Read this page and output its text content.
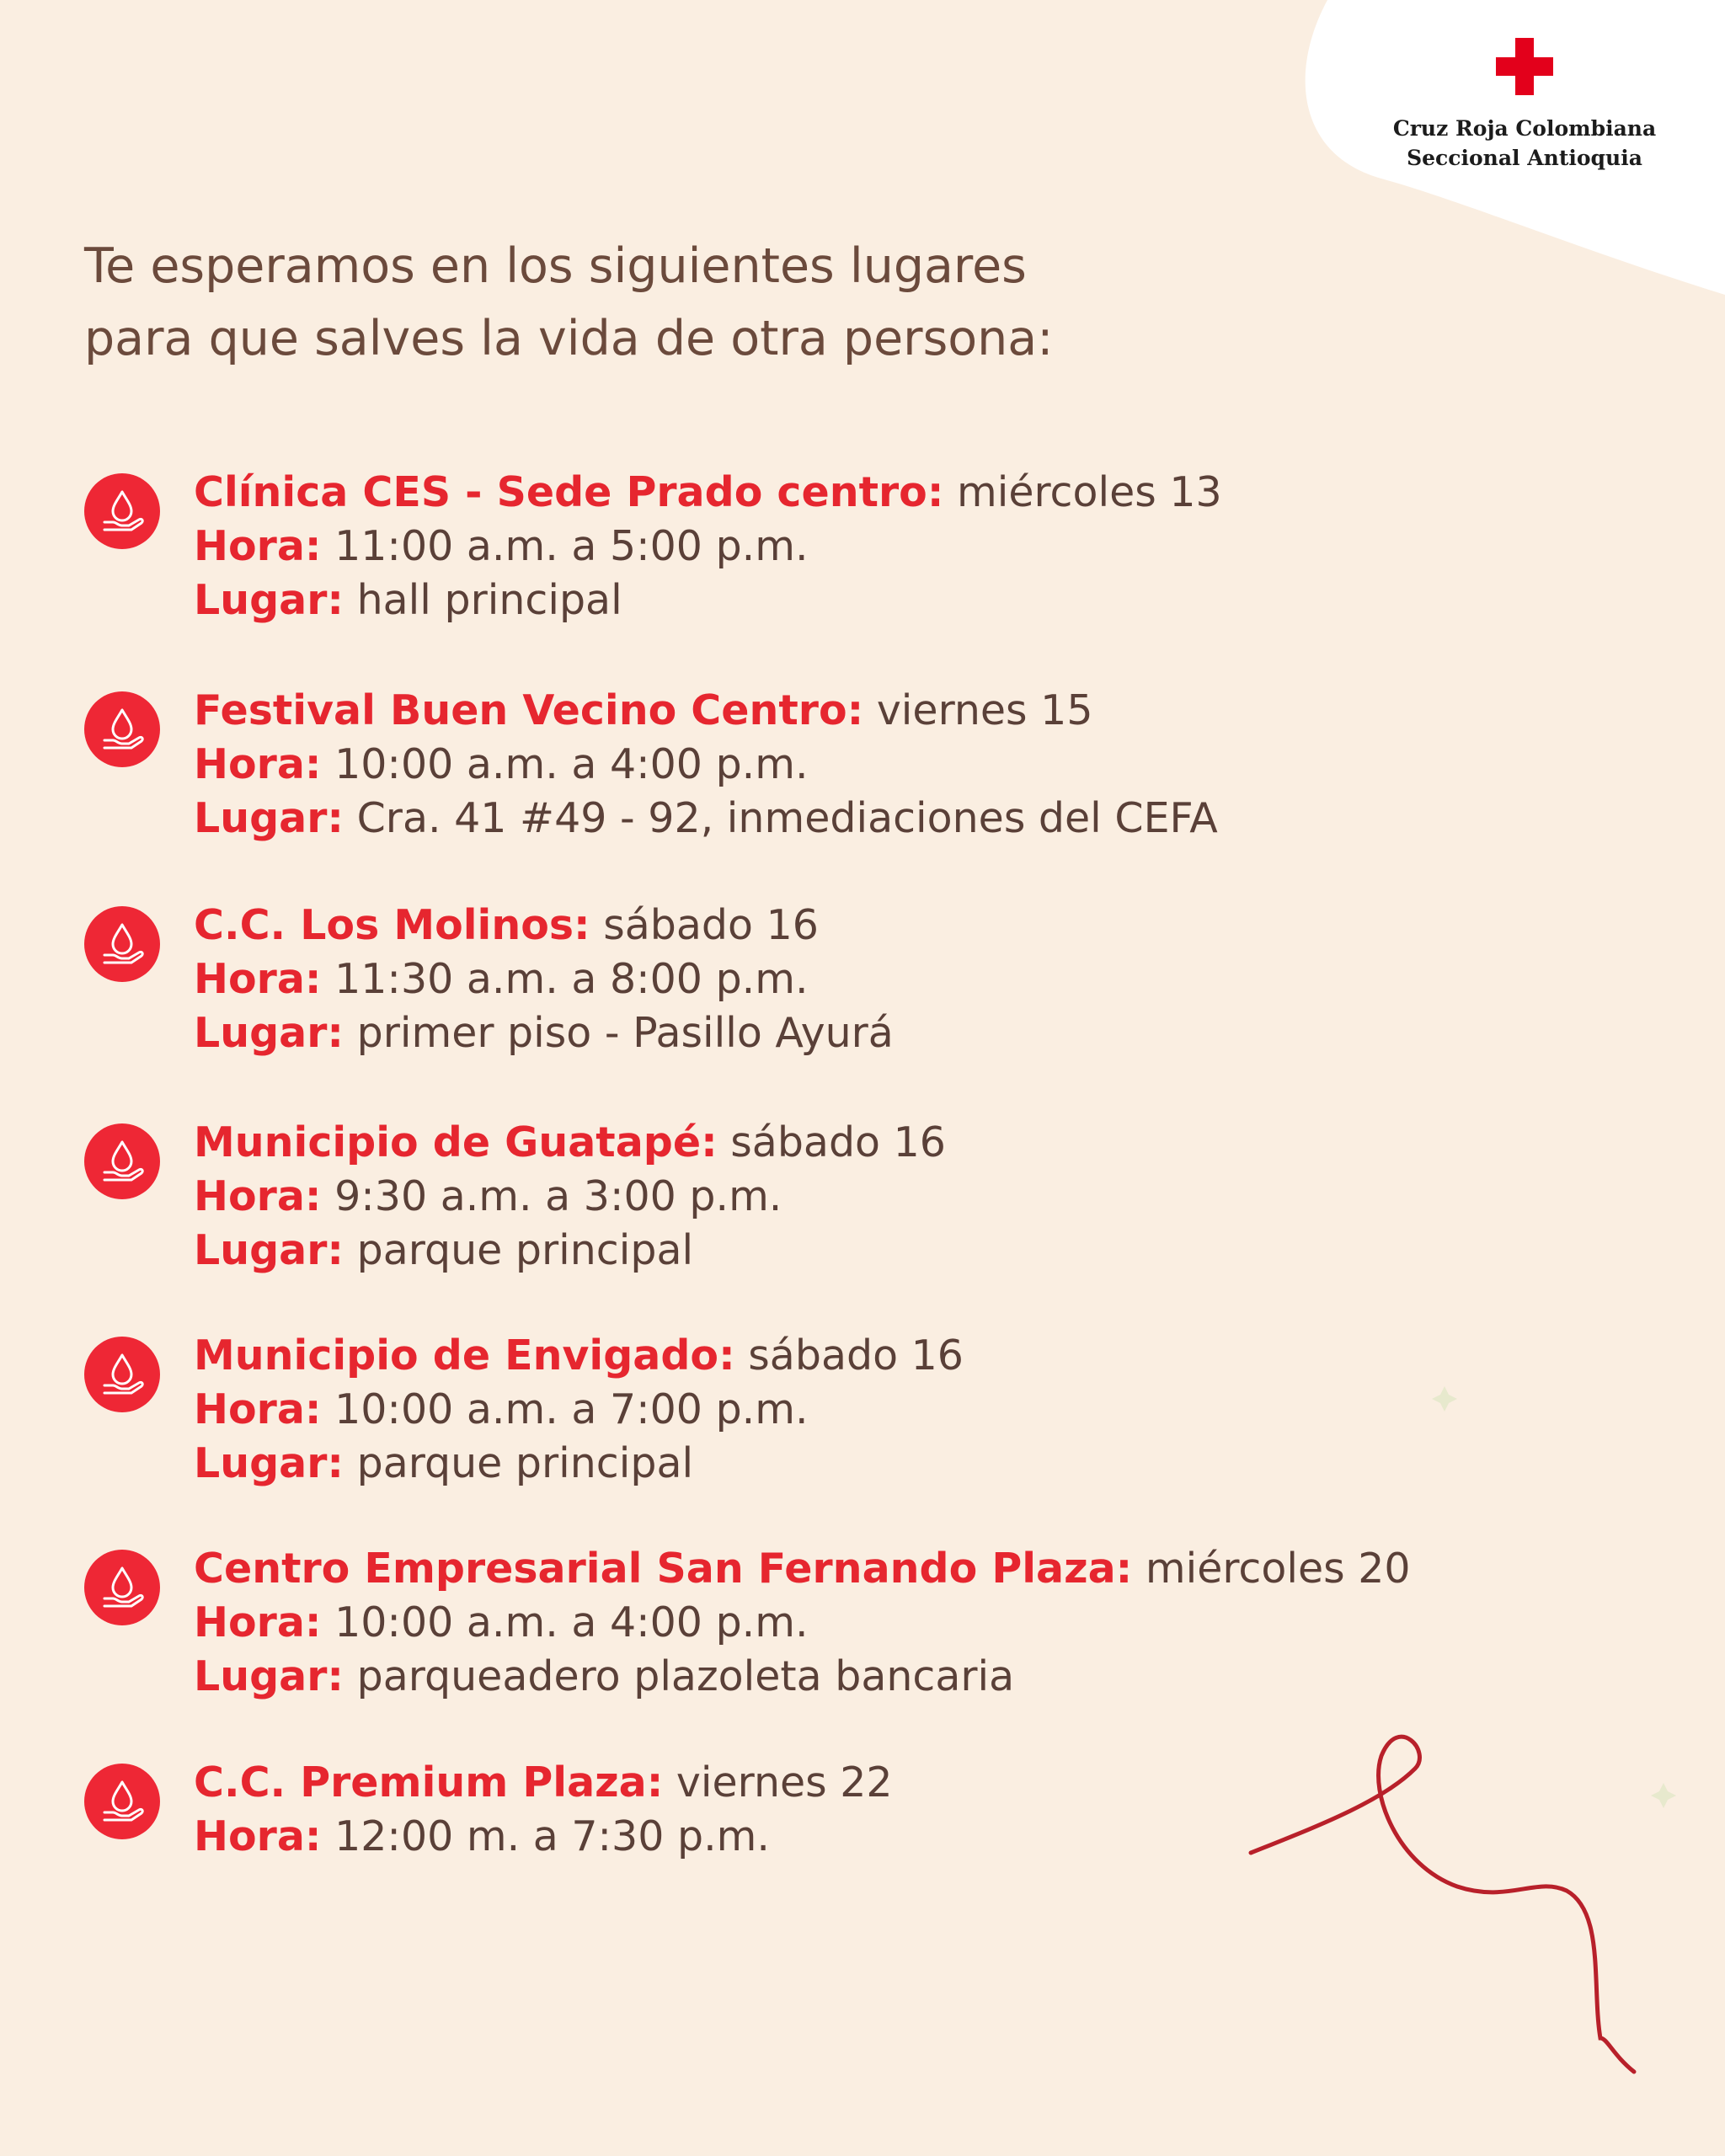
Cruz Roja Colombiana
Seccional Antioquia
Te esperamos en los siguientes lugares
para que salves la vida de otra persona:
Clínica CES - Sede Prado centro: miércoles 13
Hora: 11:00 a.m. a 5:00 p.m.
Lugar: hall principal
Festival Buen Vecino Centro: viernes 15
Hora: 10:00 a.m. a 4:00 p.m.
Lugar: Cra. 41 #49 - 92, inmediaciones del CEFA
C.C. Los Molinos: sábado 16
Hora: 11:30 a.m. a 8:00 p.m.
Lugar: primer piso - Pasillo Ayurá
Municipio de Guatapé: sábado 16
Hora: 9:30 a.m. a 3:00 p.m.
Lugar: parque principal
Municipio de Envigado: sábado 16
Hora: 10:00 a.m. a 7:00 p.m.
Lugar: parque principal
Centro Empresarial San Fernando Plaza: miércoles 20
Hora: 10:00 a.m. a 4:00 p.m.
Lugar: parqueadero plazoleta bancaria
C.C. Premium Plaza: viernes 22
Hora: 12:00 m. a 7:30 p.m.
